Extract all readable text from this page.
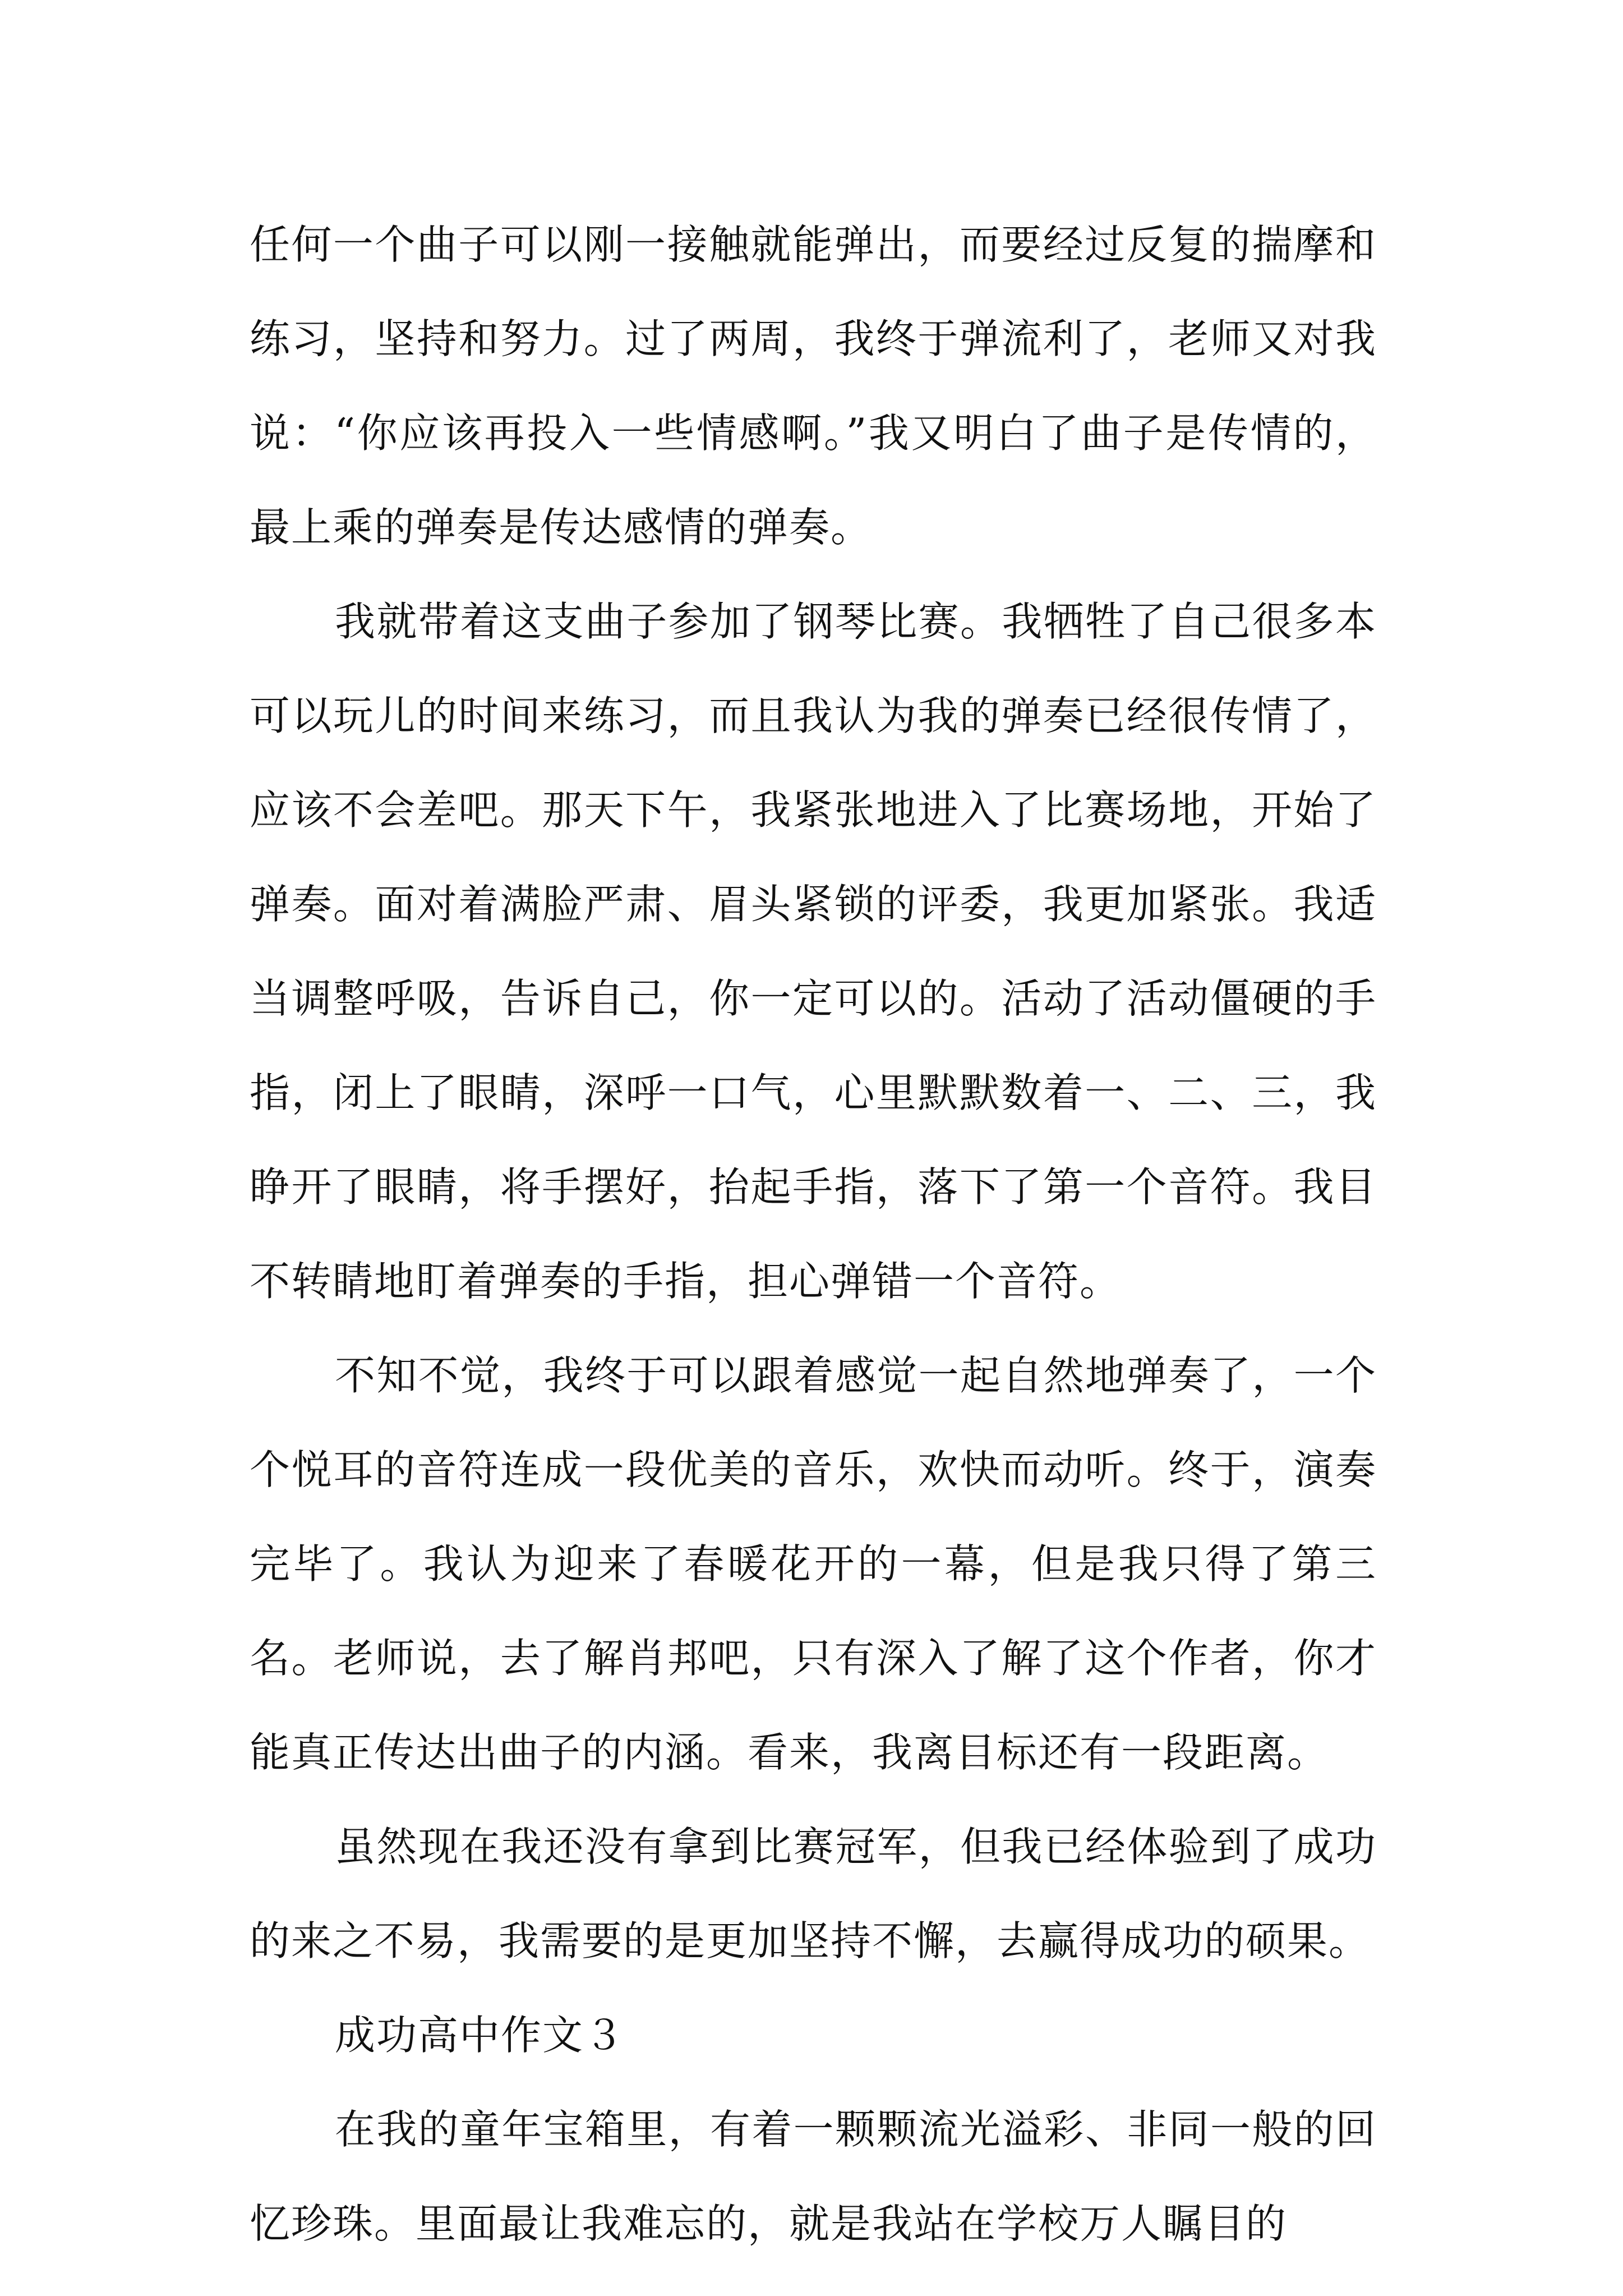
任何一个曲子可以刚一接触就能弹出，而要经过反复的揣摩和练习，坚持和努力。过了两周，我终于弹流利了，老师又对我说：“你应该再投入一些情感啊。”我又明白了曲子是传情的，最上乘的弹奏是传达感情的弹奏。

我就带着这支曲子参加了钢琴比赛。我牺牲了自己很多本可以玩儿的时间来练习，而且我认为我的弹奏已经很传情了，应该不会差吧。那天下午，我紧张地进入了比赛场地，开始了弹奏。面对着满脸严肃、眉头紧锁的评委，我更加紧张。我适当调整呼吸，告诉自己，你一定可以的。活动了活动僵硬的手指，闭上了眼睛，深呼一口气，心里默默数着一、二、三，我睁开了眼睛，将手摆好，抬起手指，落下了第一个音符。我目不转睛地盯着弹奏的手指，担心弹错一个音符。

不知不觉，我终于可以跟着感觉一起自然地弹奏了，一个个悦耳的音符连成一段优美的音乐，欢快而动听。终于，演奏完毕了。我认为迎来了春暖花开的一幕，但是我只得了第三名。老师说，去了解肖邦吧，只有深入了解了这个作者，你才能真正传达出曲子的内涵。看来，我离目标还有一段距离。

虽然现在我还没有拿到比赛冠军，但我已经体验到了成功的来之不易，我需要的是更加坚持不懈，去赢得成功的硕果。

成功高中作文３

在我的童年宝箱里，有着一颗颗流光溢彩、非同一般的回忆珍珠。里面最让我难忘的，就是我站在学校万人瞩目的
